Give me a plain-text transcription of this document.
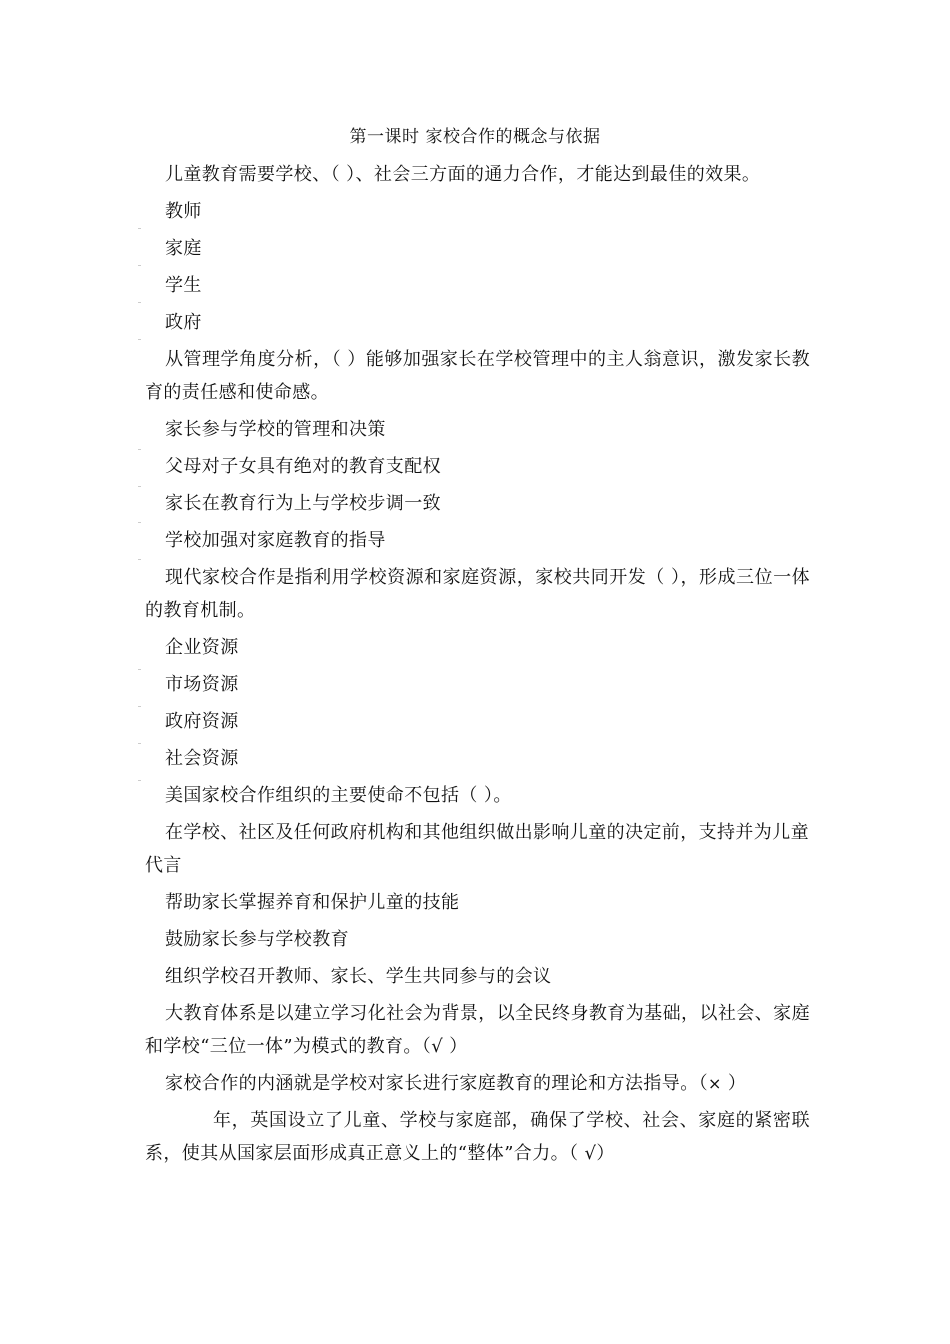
第一课时 家校合作的概念与依据
儿童教育需要学校、（ ）、社会三方面的通力合作，才能达到最佳的效果。
教师
家庭
学生
政府
从管理学角度分析，（ ）能够加强家长在学校管理中的主人翁意识，激发家长教育的责任感和使命感。
家长参与学校的管理和决策
父母对子女具有绝对的教育支配权
家长在教育行为上与学校步调一致
学校加强对家庭教育的指导
现代家校合作是指利用学校资源和家庭资源，家校共同开发（ ），形成三位一体的教育机制。
企业资源
市场资源
政府资源
社会资源
美国家校合作组织的主要使命不包括（ ）。
在学校、社区及任何政府机构和其他组织做出影响儿童的决定前，支持并为儿童代言
帮助家长掌握养育和保护儿童的技能
鼓励家长参与学校教育
组织学校召开教师、家长、学生共同参与的会议
大教育体系是以建立学习化社会为背景，以全民终身教育为基础，以社会、家庭和学校“三位一体”为模式的教育。（√ ）
家校合作的内涵就是学校对家长进行家庭教育的理论和方法指导。（× ）
年，英国设立了儿童、学校与家庭部，确保了学校、社会、家庭的紧密联系，使其从国家层面形成真正意义上的“整体”合力。（ √）
